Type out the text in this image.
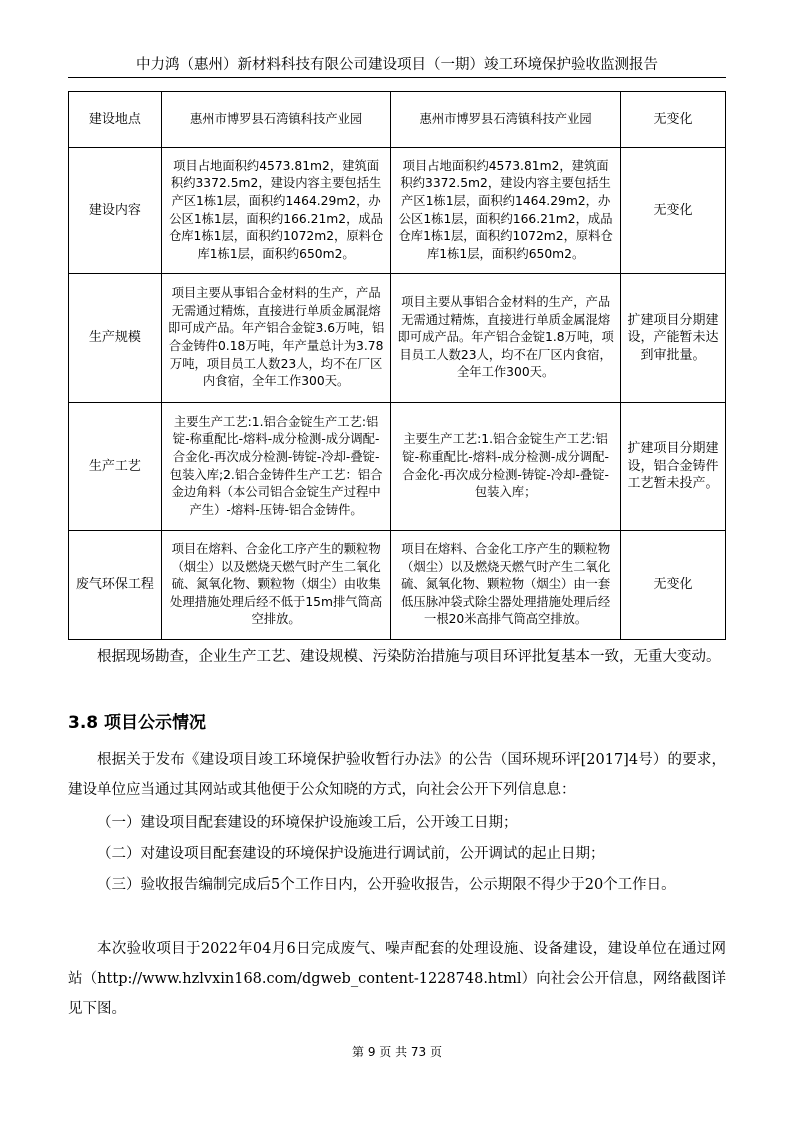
中力鸿（惠州）新材料科技有限公司建设项目（一期）竣工环境保护验收监测报告
建设地点	惠州市博罗县石湾镇科技产业园	惠州市博罗县石湾镇科技产业园	无变化
建设内容	项目占地面积约4573.81m2，建筑面积约3372.5m2，建设内容主要包括生产区1栋1层，面积约1464.29m2，办公区1栋1层，面积约166.21m2，成品仓库1栋1层，面积约1072m2，原料仓库1栋1层，面积约650m2。	项目占地面积约4573.81m2，建筑面积约3372.5m2，建设内容主要包括生产区1栋1层，面积约1464.29m2，办公区1栋1层，面积约166.21m2，成品仓库1栋1层，面积约1072m2，原料仓库1栋1层，面积约650m2。	无变化
生产规模	项目主要从事铝合金材料的生产，产品无需通过精炼，直接进行单质金属混熔即可成产品。年产铝合金锭3.6万吨，铝合金铸件0.18万吨，年产量总计为3.78万吨，项目员工人数23人，均不在厂区内食宿，全年工作300天。	项目主要从事铝合金材料的生产，产品无需通过精炼，直接进行单质金属混熔即可成产品。年产铝合金锭1.8万吨，项目员工人数23人，均不在厂区内食宿，全年工作300天。	扩建项目分期建设，产能暂未达到审批量。
生产工艺	主要生产工艺:1.铝合金锭生产工艺:铝锭-称重配比-熔料-成分检测-成分调配-合金化-再次成分检测-铸锭-冷却-叠锭-包装入库;2.铝合金铸件生产工艺：铝合金边角料（本公司铝合金锭生产过程中产生）-熔料-压铸-铝合金铸件。	主要生产工艺:1.铝合金锭生产工艺:铝锭-称重配比-熔料-成分检测-成分调配-合金化-再次成分检测-铸锭-冷却-叠锭-包装入库；	扩建项目分期建设，铝合金铸件工艺暂未投产。
废气环保工程	项目在熔料、合金化工序产生的颗粒物（烟尘）以及燃烧天燃气时产生二氧化硫、氮氧化物、颗粒物（烟尘）由收集处理措施处理后经不低于15m排气筒高空排放。	项目在熔料、合金化工序产生的颗粒物（烟尘）以及燃烧天燃气时产生二氧化硫、氮氧化物、颗粒物（烟尘）由一套低压脉冲袋式除尘器处理措施处理后经一根20米高排气筒高空排放。	无变化
根据现场勘查，企业生产工艺、建设规模、污染防治措施与项目环评批复基本一致，无重大变动。
3.8 项目公示情况
根据关于发布《建设项目竣工环境保护验收暂行办法》的公告（国环规环评[2017]4号）的要求，建设单位应当通过其网站或其他便于公众知晓的方式，向社会公开下列信息息：
（一）建设项目配套建设的环境保护设施竣工后，公开竣工日期；
（二）对建设项目配套建设的环境保护设施进行调试前，公开调试的起止日期；
（三）验收报告编制完成后5个工作日内，公开验收报告，公示期限不得少于20个工作日。
本次验收项目于2022年04月6日完成废气、噪声配套的处理设施、设备建设，建设单位在通过网站（http://www.hzlvxin168.com/dgweb_content-1228748.html）向社会公开信息，网络截图详见下图。
第 9 页 共 73 页
